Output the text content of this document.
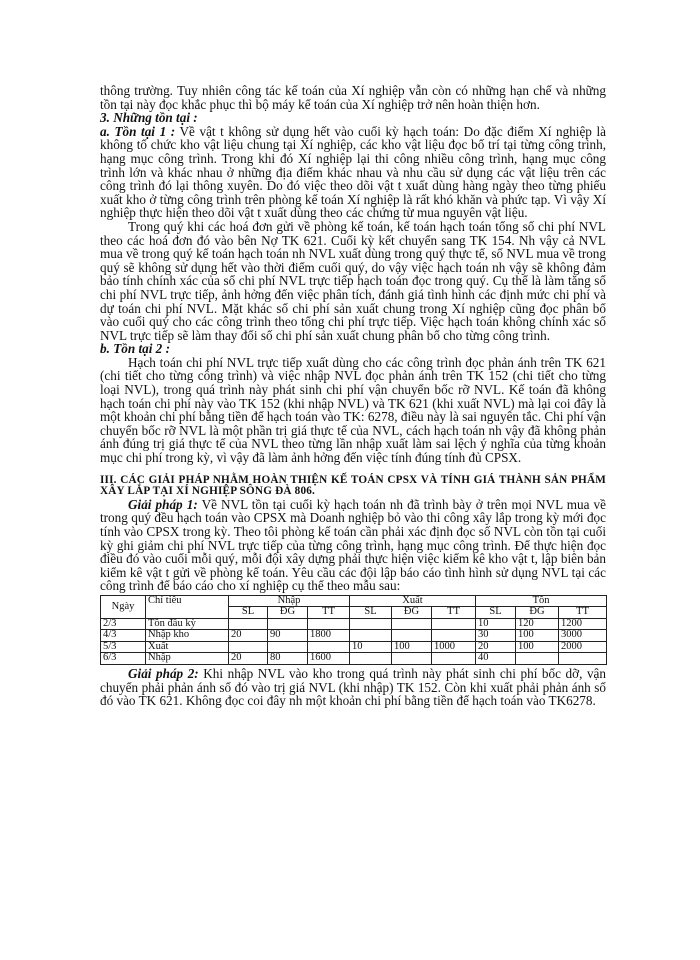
thông trường. Tuy nhiên công tác kế toán của Xí nghiệp vẫn còn có những hạn chế và những tồn tại này đọc khắc phục thì bộ máy kế toán của Xí nghiệp trở nên hoàn thiện hơn.

3. Những tồn tại :

a. Tồn tại 1 : Về vật t không sử dụng hết vào cuối kỳ hạch toán: Do đặc điểm Xí nghiệp là không tổ chức kho vật liệu chung tại Xí nghiệp, các kho vật liệu đọc bố trí tại từng công trình, hạng mục công trình. Trong khi đó Xí nghiệp lại thi công nhiều công trình, hạng mục công trình lớn và khác nhau ở những địa điểm khác nhau và nhu cầu sử dụng các vật liệu trên các công trình đó lại thông xuyên. Do đó việc theo dõi vật t xuất dùng hàng ngày theo từng phiếu xuất kho ở từng công trình trên phòng kế toán Xí nghiệp là rất khó khăn và phức tạp. Vì vậy Xí nghiệp thực hiện theo dõi vật t xuất dùng theo các chứng từ mua nguyên vật liệu.

Trong quý khi các hoá đơn gửi về phòng kế toán, kế toán hạch toán tổng số chi phí NVL theo các hoá đơn đó vào bên Nợ TK 621. Cuối kỳ kết chuyển sang TK 154. Nh vậy cả NVL mua về trong quý kế toán hạch toán nh NVL xuất dùng trong quý thực tế, số NVL mua về trong quý sẽ không sử dụng hết vào thời điểm cuối quý, do vậy việc hạch toán nh vậy sẽ không đảm bảo tính chính xác của số chi phí NVL trực tiếp hạch toán đọc trong quý. Cụ thể là làm tăng số chi phí NVL trực tiếp, ảnh hởng đến việc phân tích, đánh giá tình hình các định mức chi phí và dự toán chi phí NVL. Mặt khác số chi phí sản xuất chung trong Xí nghiệp cũng đọc phân bổ vào cuối quý cho các công trình theo tổng chi phí trực tiếp. Việc hạch toán không chính xác số NVL trực tiếp sẽ làm thay đổi số chi phí sản xuất chung phân bổ cho từng công trình.

b. Tồn tại 2 :

Hạch toán chi phí NVL trực tiếp xuất dùng cho các công trình đọc phản ánh trên TK 621 (chi tiết cho từng công trình) và việc nhập NVL đọc phản ánh trên TK 152 (chi tiết cho từng loại NVL), trong quá trình này phát sinh chi phí vận chuyển bốc rỡ NVL. Kế toán đã không hạch toán chi phí này vào TK 152 (khi nhập NVL) và TK 621 (khi xuất NVL) mà lại coi đây là một khoản chi phí bằng tiền để hạch toán vào TK: 6278, điều này là sai nguyên tắc. Chi phí vận chuyển bốc rỡ NVL là một phần trị giá thực tế của NVL, cách hạch toán nh vậy đã không phản ánh đúng trị giá thực tế của NVL theo từng lần nhập xuất làm sai lệch ý nghĩa của từng khoản mục chi phí trong kỳ, vì vậy đã làm ảnh hởng đến việc tính đúng tính đủ CPSX.

III. CÁC GIẢI PHÁP NHẰM HOÀN THIỆN KẾ TOÁN CPSX VÀ TÍNH GIÁ THÀNH SẢN PHẨM XÂY LẮP TẠI XÍ NGHIỆP SÔNG ĐÀ 806.

Giải pháp 1: Về NVL tồn tại cuối kỳ hạch toán nh đã trình bày ở trên mọi NVL mua về trong quý đều hạch toán vào CPSX mà Doanh nghiệp bỏ vào thi công xây lắp trong kỳ mới đọc tính vào CPSX trong kỳ. Theo tôi phòng kế toán cần phải xác định đọc số NVL còn tồn tại cuối kỳ ghi giảm chi phí NVL trực tiếp của từng công trình, hạng mục công trình. Để thực hiện đọc điều đó vào cuối mỗi quý, mỗi đội xây dựng phải thực hiện việc kiểm kê kho vật t, lập biên bản kiểm kê vật t gửi về phòng kế toán. Yêu cầu các đội lập báo cáo tình hình sử dụng NVL tại các công trình để báo cáo cho xí nghiệp cụ thể theo mẫu sau:

Ngày	Chỉ tiêu	Nhập			Xuất			Tồn		
		SL	ĐG	TT	SL	ĐG	TT	SL	ĐG	TT
2/3	Tồn đầu kỳ							10	120	1200
4/3	Nhập kho	20	90	1800				30	100	3000
5/3	Xuất				10	100	1000	20	100	2000
6/3	Nhập	20	80	1600				40		

Giải pháp 2: Khi nhập NVL vào kho trong quá trình này phát sinh chi phí bốc dỡ, vận chuyển phải phản ánh số đó vào trị giá NVL (khi nhập) TK 152. Còn khi xuất phải phản ánh số đó vào TK 621. Không đọc coi đây nh một khoản chi phí bằng tiền để hạch toán vào TK6278.
